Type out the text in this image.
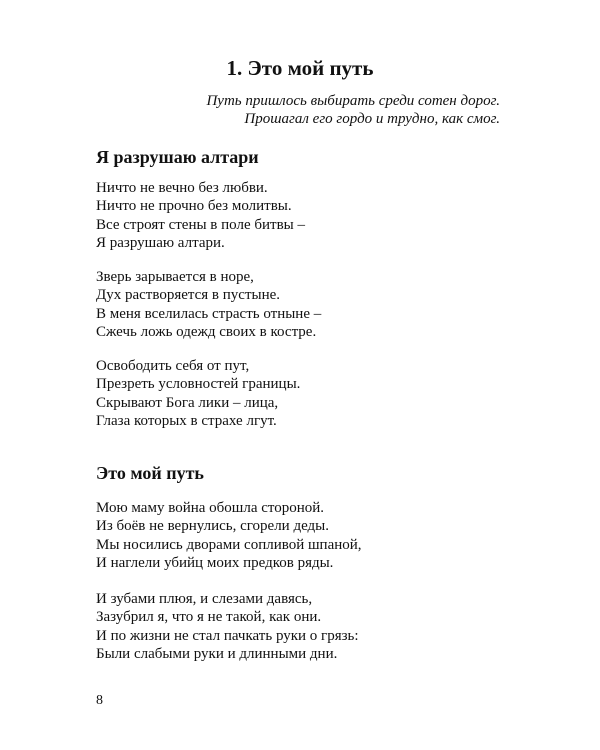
1. Это мой путь
Путь пришлось выбирать среди сотен дорог.
Прошагал его гордо и трудно, как смог.
Я разрушаю алтари
Ничто не вечно без любви.
Ничто не прочно без молитвы.
Все строят стены в поле битвы –
Я разрушаю алтари.
Зверь зарывается в норе,
Дух растворяется в пустыне.
В меня вселилась страсть отныне –
Сжечь ложь одежд своих в костре.
Освободить себя от пут,
Презреть условностей границы.
Скрывают Бога лики – лица,
Глаза которых в страхе лгут.
Это мой путь
Мою маму война обошла стороной.
Из боёв не вернулись, сгорели деды.
Мы носились дворами сопливой шпаной,
И наглели убийц моих предков ряды.
И зубами плюя, и слезами давясь,
Зазубрил я, что я не такой, как они.
И по жизни не стал пачкать руки о грязь:
Были слабыми руки и длинными дни.
8
